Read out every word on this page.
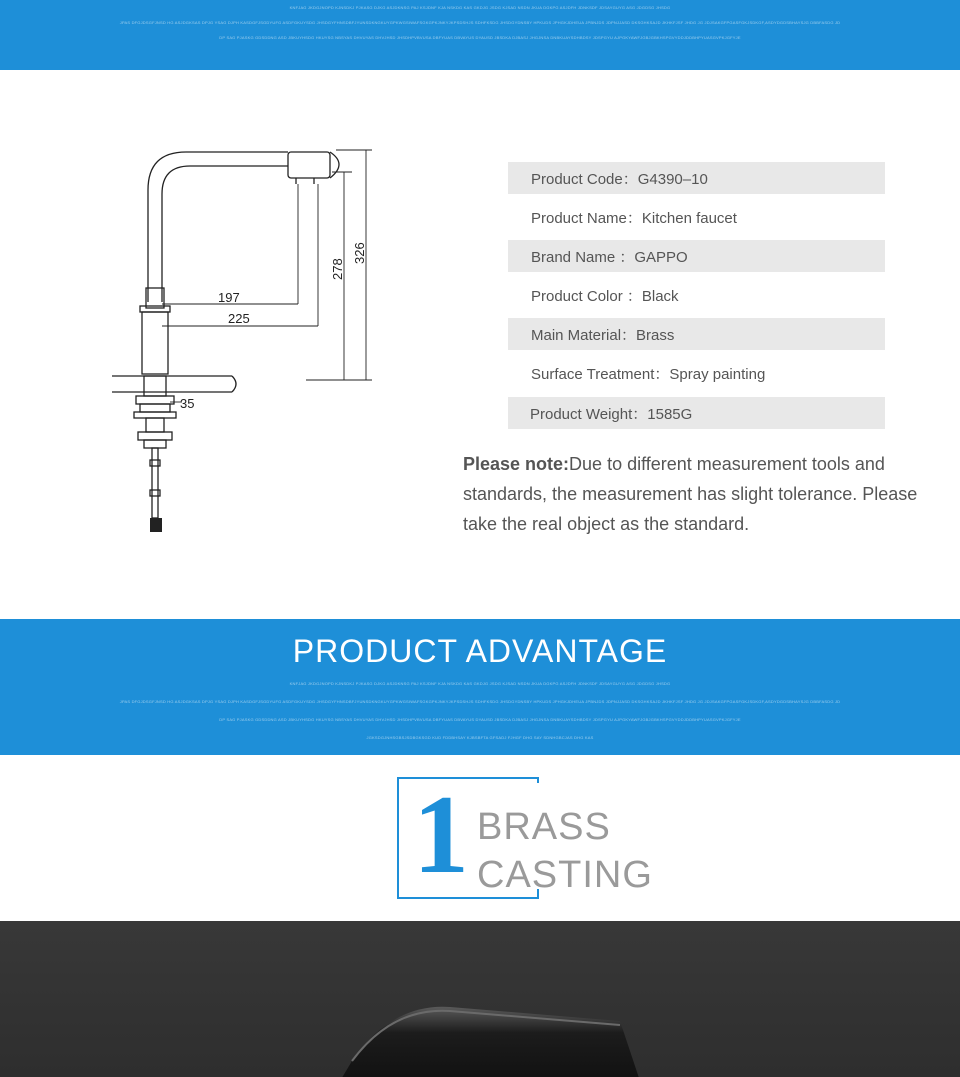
KNFJAG JKDGJNOPD KJNSDKJ PJKASG DJKG ASJDKNSG PAJ KSJDNF KJA NSKDG KAS GKDJG JSDG KJSAD NSDN JKUA DGKPG ASJDFH JDNKSDF JDSAYGUYG ASG JDGDSG JHSDG
JPAS DFGJDSGFJNSD HG ASJDGKSAS DPJG YSAG DJPH KASDGFJSGDYUFG ASDFGKUYSDG JHSDGYFHNSDBFJYUNSDKNGKUYGPKWGSIWAFSGKGPKJNKYJKPSDSHJS SDHFKSDG JHSDGYDNSBY HPKUDS JPHGKJDHEUA JPBNJDS JDPNJJASD DKSGHKSAJD JKHKFJSF JHDG JG JDJSAKGFPGASFGKJSDKGF,ASDYDGDSBHAYSJG DBBFASDG JD
DP SAG PJASKG GDSDDNG ASD JBKUYHSDG HKUYSG NBSYAS DHVUYAS DHVJHSD JHSDHPVBVUSA DBFYUAS DBVAYUS DYAUSD JBSDKA DJBASJ JHGJNSA DNBKUAYSDHBDSY JDSPGYU AJPGKYAWFJGBJGBKHSPGVYDDJDDBHPYUASGVPKJGFYJE
197
225
278
326
35
Product Code：G4390–10
Product Name：Kitchen faucet
Brand Name ：GAPPO
Product Color ：Black
Main Material：Brass
Surface Treatment：Spray painting
Product Weight：1585G
Please note:Due to different measurement tools and standards, the measurement has slight tolerance. Please take the real object as the standard.
PRODUCT ADVANTAGE
KNFJAG JKDGJNOPD KJNSDKJ PJKASG DJKG ASJDKNSG PAJ KSJDNF KJA NSKDG KAS GKDJG JSDG KJSAD NSDN JKUA DGKPG ASJDFH JDNKSDF JDSAYGUYG ASG JDGDSG JHSDG
JPAS DFGJDSGFJNSD HG ASJDGKSAS DPJG YSAG DJPH KASDGFJSGDYUFG ASDFGKUYSDG JHSDGYFHNSDBFJYUNSDKNGKUYGPKWGSIWAFSGKGPKJNKYJKPSDSHJS SDHFKSDG JHSDGYDNSBY HPKUDS JPHGKJDHEUA JPBNJDS JDPNJJASD DKSGHKSAJD JKHKFJSF JHDG JG JDJSAKGFPGASFGKJSDKGF,ASDYDGDSBHAYSJG DBBFASDG JD
DP SAG PJASKG GDSDDNG ASD JBKUYHSDG HKUYSG NBSYAS DHVUYAS DHVJHSD JHSDHPVBVUSA DBFYUAS DBVAYUS DYAUSD JBSDKA DJBASJ JHGJNSA DNBKUAYSDHBDSY JDSPGYU AJPGKYAWFJGBJGBKHSPGVYDDJDDBHPYUASGVPKJGFYJE
JGKSDGJNHSGBSJSDBGKSGD KUD FDDBHSAY KJBSBFTA GFSADJ FJHGF DHG SAY SDNHGBCJAS DHG KAS
1 BRASS
CASTING
